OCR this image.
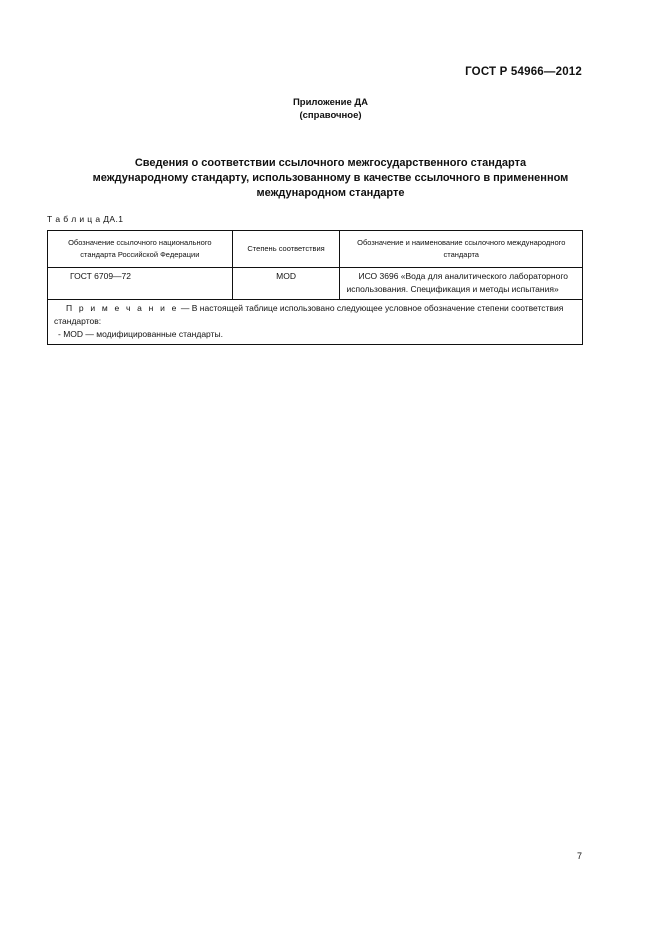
ГОСТ Р 54966—2012
Приложение ДА
(справочное)
Сведения о соответствии ссылочного межгосударственного стандарта
международному стандарту, использованному в качестве ссылочного в примененном
международном стандарте
Т а б л и ц а ДА.1
Обозначение ссылочного национального стандарта Российской Федерации	Степень соответствия	Обозначение и наименование ссылочного международного стандарта
ГОСТ 6709—72	MOD	ИСО 3696 «Вода для аналитического лабораторного использования. Спецификация и методы испытания»

П р и м е ч а н и е — В настоящей таблице использовано следующее условное обозначение степени соответствия стандартов:

- MOD — модифицированные стандарты.		

7
